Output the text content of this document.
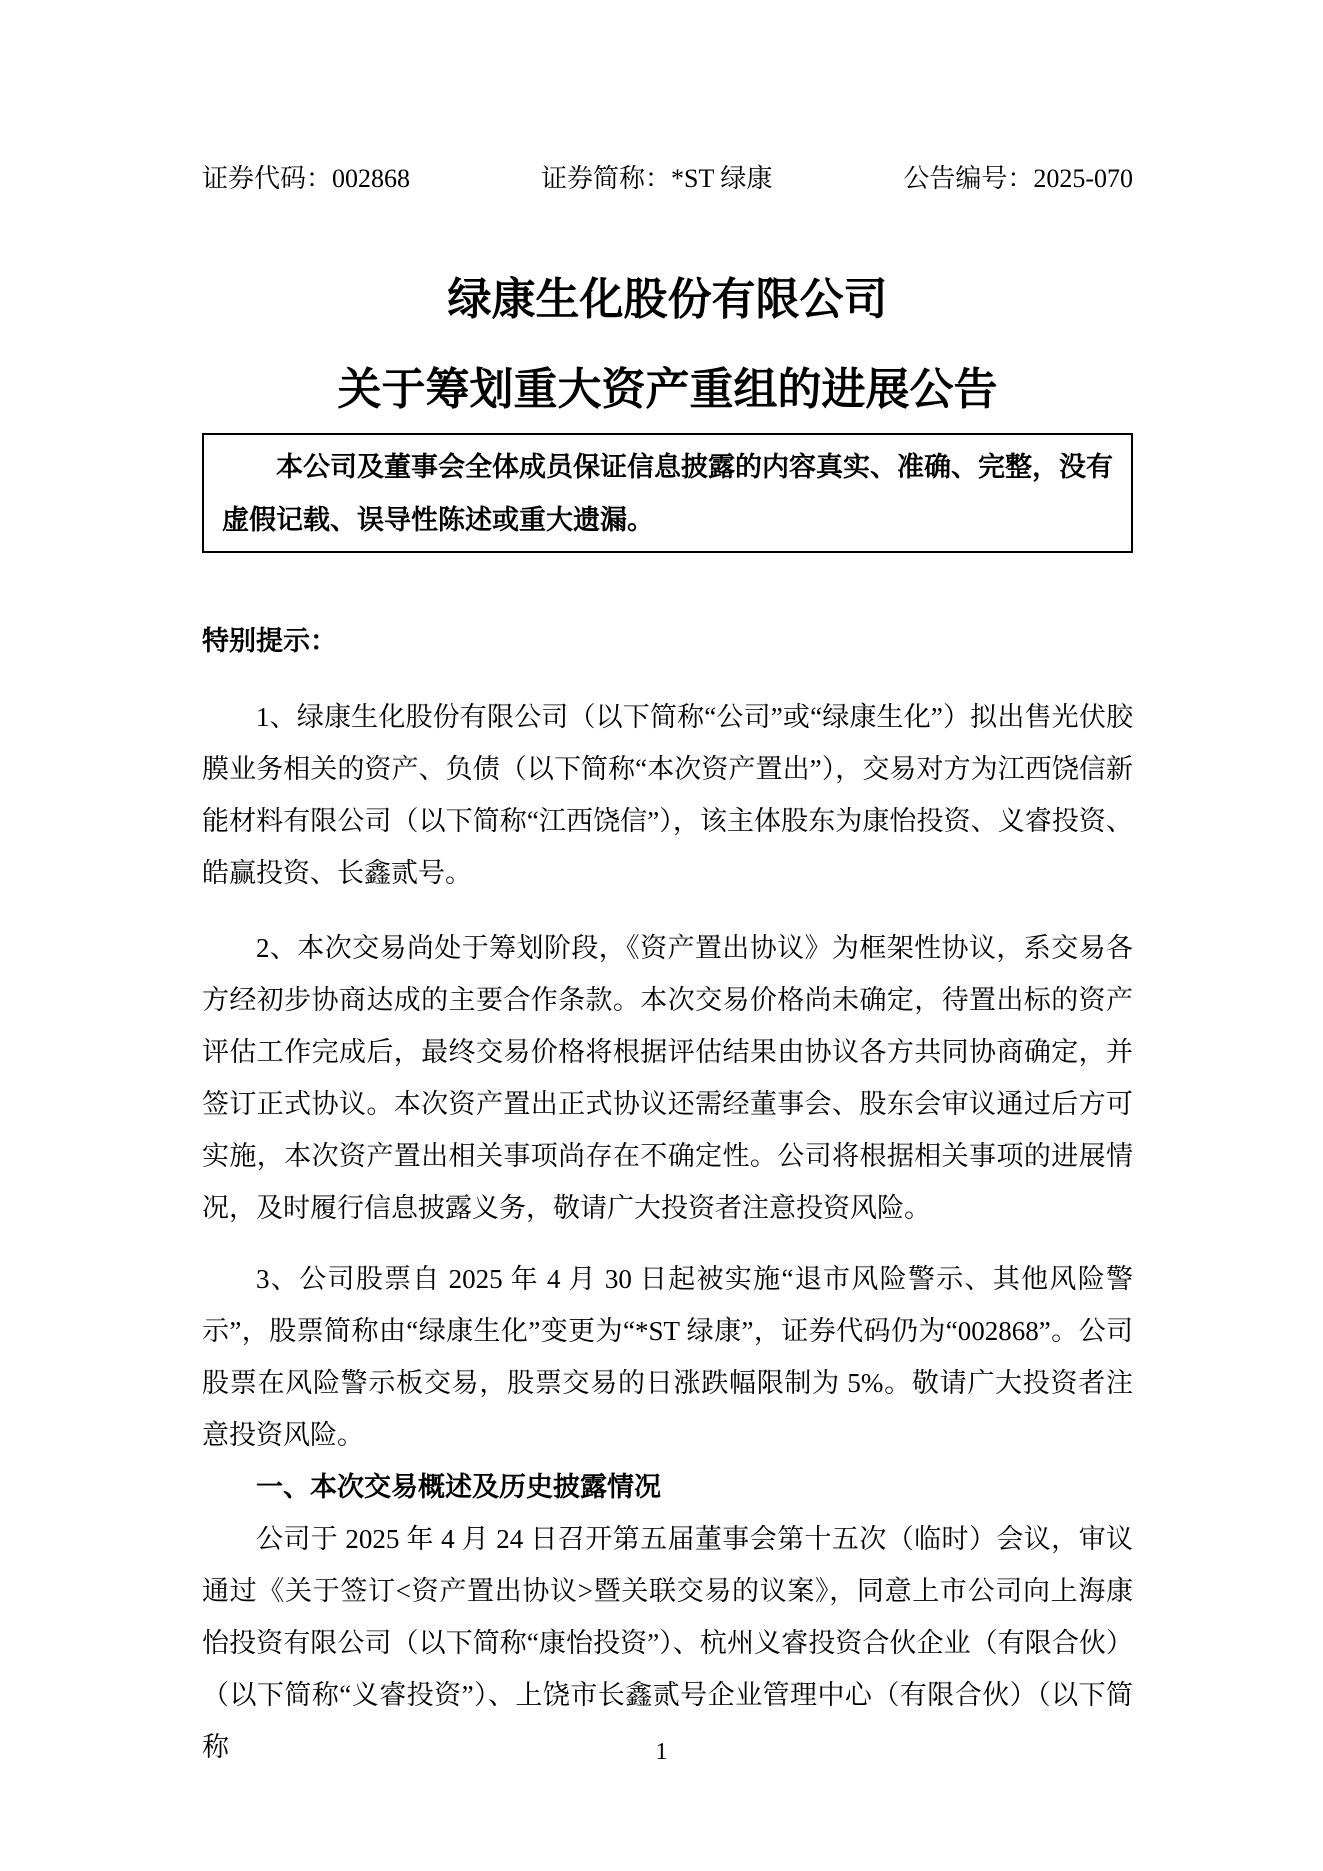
证券代码：002868	证券简称：*ST 绿康	公告编号：2025-070
绿康生化股份有限公司
关于筹划重大资产重组的进展公告

本公司及董事会全体成员保证信息披露的内容真实、准确、完整，没有虚假记载、误导性陈述或重大遗漏。

特别提示：

1、绿康生化股份有限公司（以下简称“公司”或“绿康生化”）拟出售光伏胶膜业务相关的资产、负债（以下简称“本次资产置出”），交易对方为江西饶信新能材料有限公司（以下简称“江西饶信”），该主体股东为康怡投资、义睿投资、皓赢投资、长鑫贰号。

2、本次交易尚处于筹划阶段，《资产置出协议》为框架性协议，系交易各方经初步协商达成的主要合作条款。本次交易价格尚未确定，待置出标的资产评估工作完成后，最终交易价格将根据评估结果由协议各方共同协商确定，并签订正式协议。本次资产置出正式协议还需经董事会、股东会审议通过后方可实施，本次资产置出相关事项尚存在不确定性。公司将根据相关事项的进展情况，及时履行信息披露义务，敬请广大投资者注意投资风险。

3、公司股票自 2025 年 4 月 30 日起被实施“退市风险警示、其他风险警示”，股票简称由“绿康生化”变更为“*ST 绿康”，证券代码仍为“002868”。公司股票在风险警示板交易，股票交易的日涨跌幅限制为 5%。敬请广大投资者注意投资风险。

一、本次交易概述及历史披露情况

公司于 2025 年 4 月 24 日召开第五届董事会第十五次（临时）会议，审议通过《关于签订<资产置出协议>暨关联交易的议案》，同意上市公司向上海康怡投资有限公司（以下简称“康怡投资”）、杭州义睿投资合伙企业（有限合伙）（以下简称“义睿投资”）、上饶市长鑫贰号企业管理中心（有限合伙）（以下简称	1
